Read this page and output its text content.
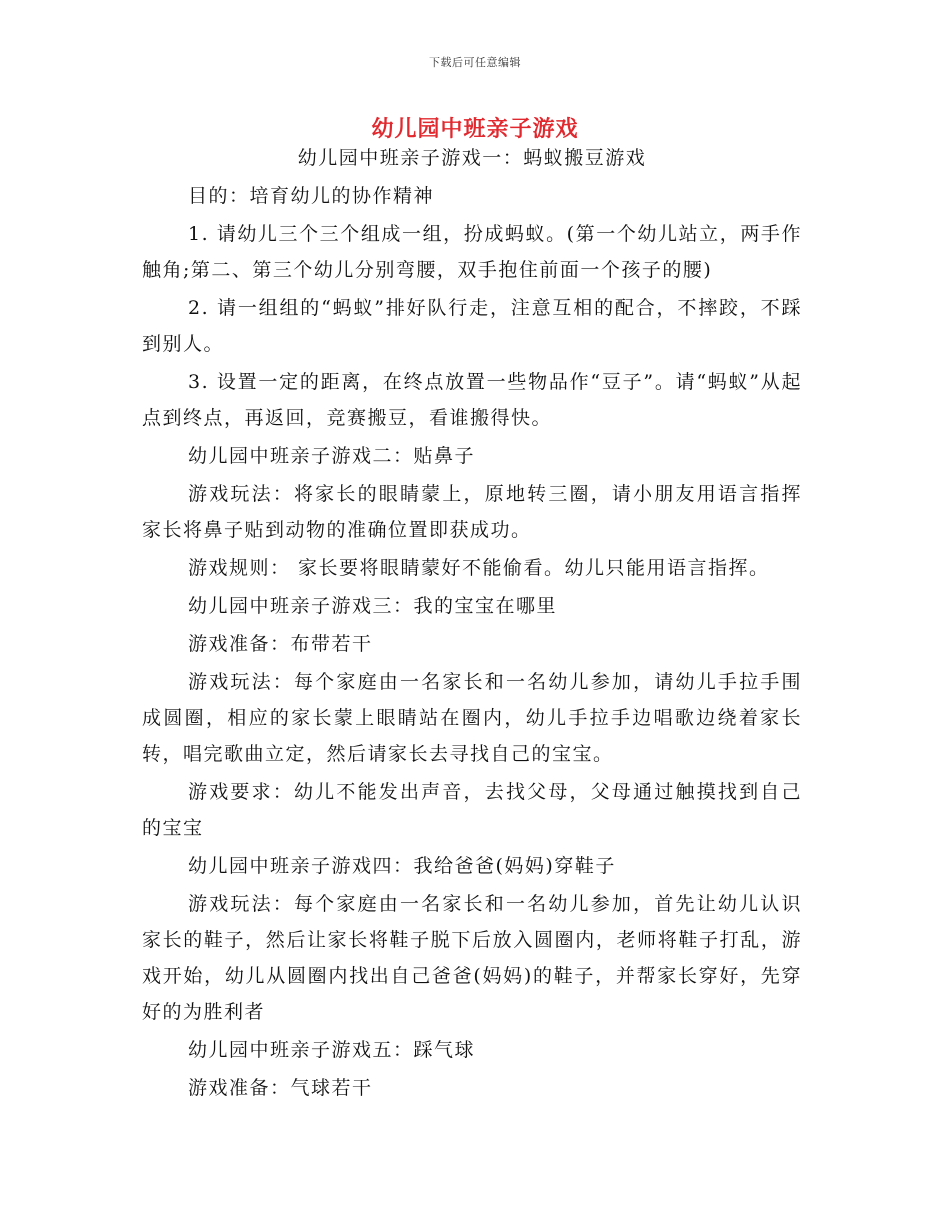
下载后可任意编辑
幼儿园中班亲子游戏

幼儿园中班亲子游戏一：蚂蚁搬豆游戏

目的：培育幼儿的协作精神

1. 请幼儿三个三个组成一组，扮成蚂蚁。(第一个幼儿站立，两手作触角;第二、第三个幼儿分别弯腰，双手抱住前面一个孩子的腰)

2. 请一组组的“蚂蚁”排好队行走，注意互相的配合，不摔跤，不踩到别人。

3. 设置一定的距离，在终点放置一些物品作“豆子”。请“蚂蚁”从起点到终点，再返回，竞赛搬豆，看谁搬得快。

幼儿园中班亲子游戏二：贴鼻子

游戏玩法：将家长的眼睛蒙上，原地转三圈，请小朋友用语言指挥家长将鼻子贴到动物的准确位置即获成功。

游戏规则： 家长要将眼睛蒙好不能偷看。幼儿只能用语言指挥。

幼儿园中班亲子游戏三：我的宝宝在哪里

游戏准备：布带若干

游戏玩法：每个家庭由一名家长和一名幼儿参加，请幼儿手拉手围成圆圈，相应的家长蒙上眼睛站在圈内，幼儿手拉手边唱歌边绕着家长转，唱完歌曲立定，然后请家长去寻找自己的宝宝。

游戏要求：幼儿不能发出声音，去找父母，父母通过触摸找到自己的宝宝

幼儿园中班亲子游戏四：我给爸爸(妈妈)穿鞋子

游戏玩法：每个家庭由一名家长和一名幼儿参加，首先让幼儿认识家长的鞋子，然后让家长将鞋子脱下后放入圆圈内，老师将鞋子打乱，游戏开始，幼儿从圆圈内找出自己爸爸(妈妈)的鞋子，并帮家长穿好，先穿好的为胜利者

幼儿园中班亲子游戏五：踩气球

游戏准备：气球若干
